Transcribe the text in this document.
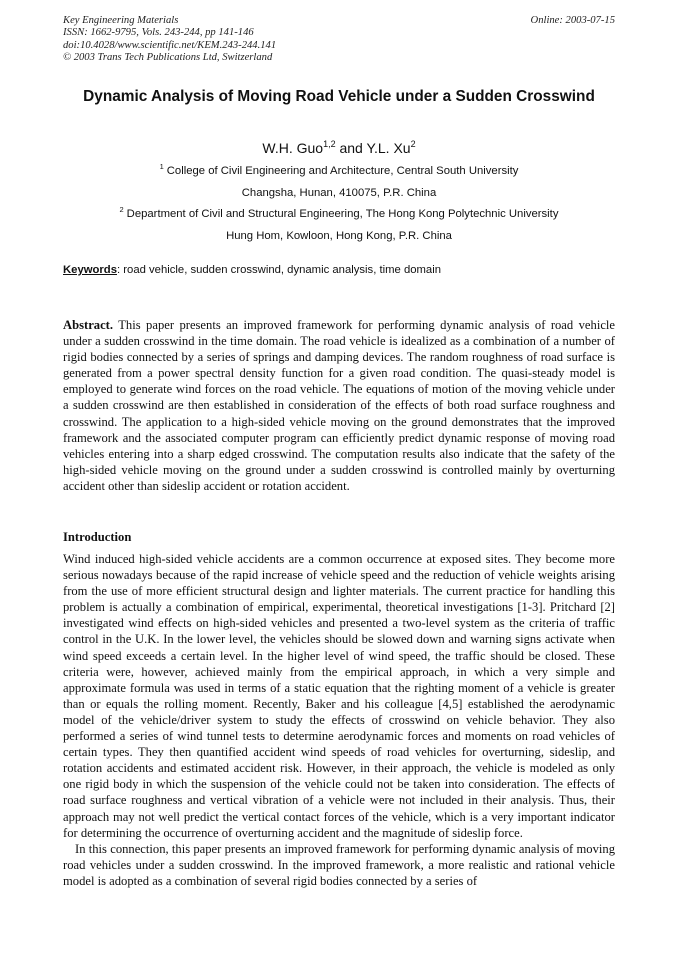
Key Engineering Materials
ISSN: 1662-9795, Vols. 243-244, pp 141-146
doi:10.4028/www.scientific.net/KEM.243-244.141
© 2003 Trans Tech Publications Ltd, Switzerland
Online: 2003-07-15
Dynamic Analysis of Moving Road Vehicle under a Sudden Crosswind
W.H. Guo$^{1,2}$ and Y.L. Xu$^2$
$^1$ College of Civil Engineering and Architecture, Central South University
Changsha, Hunan, 410075, P.R. China
$^2$ Department of Civil and Structural Engineering, The Hong Kong Polytechnic University
Hung Hom, Kowloon, Hong Kong, P.R. China
Keywords: road vehicle, sudden crosswind, dynamic analysis, time domain
Abstract. This paper presents an improved framework for performing dynamic analysis of road vehicle under a sudden crosswind in the time domain. The road vehicle is idealized as a combination of a number of rigid bodies connected by a series of springs and damping devices. The random roughness of road surface is generated from a power spectral density function for a given road condition. The quasi-steady model is employed to generate wind forces on the road vehicle. The equations of motion of the moving vehicle under a sudden crosswind are then established in consideration of the effects of both road surface roughness and crosswind. The application to a high-sided vehicle moving on the ground demonstrates that the improved framework and the associated computer program can efficiently predict dynamic response of moving road vehicles entering into a sharp edged crosswind. The computation results also indicate that the safety of the high-sided vehicle moving on the ground under a sudden crosswind is controlled mainly by overturning accident other than sideslip accident or rotation accident.
Introduction

Wind induced high-sided vehicle accidents are a common occurrence at exposed sites. They become more serious nowadays because of the rapid increase of vehicle speed and the reduction of vehicle weights arising from the use of more efficient structural design and lighter materials. The current practice for handling this problem is actually a combination of empirical, experimental, theoretical investigations [1-3]. Pritchard [2] investigated wind effects on high-sided vehicles and presented a two-level system as the criteria of traffic control in the U.K. In the lower level, the vehicles should be slowed down and warning signs activate when wind speed exceeds a certain level. In the higher level of wind speed, the traffic should be closed. These criteria were, however, achieved mainly from the empirical approach, in which a very simple and approximate formula was used in terms of a static equation that the righting moment of a vehicle is greater than or equals the rolling moment. Recently, Baker and his colleague [4,5] established the aerodynamic model of the vehicle/driver system to study the effects of crosswind on vehicle behavior. They also performed a series of wind tunnel tests to determine aerodynamic forces and moments on road vehicles of certain types. They then quantified accident wind speeds of road vehicles for overturning, sideslip, and rotation accidents and estimated accident risk. However, in their approach, the vehicle is modeled as only one rigid body in which the suspension of the vehicle could not be taken into consideration. The effects of road surface roughness and vertical vibration of a vehicle were not included in their analysis. Thus, their approach may not well predict the vertical contact forces of the vehicle, which is a very important indicator for determining the occurrence of overturning accident and the magnitude of sideslip force.

In this connection, this paper presents an improved framework for performing dynamic analysis of moving road vehicles under a sudden crosswind. In the improved framework, a more realistic and rational vehicle model is adopted as a combination of several rigid bodies connected by a series of
